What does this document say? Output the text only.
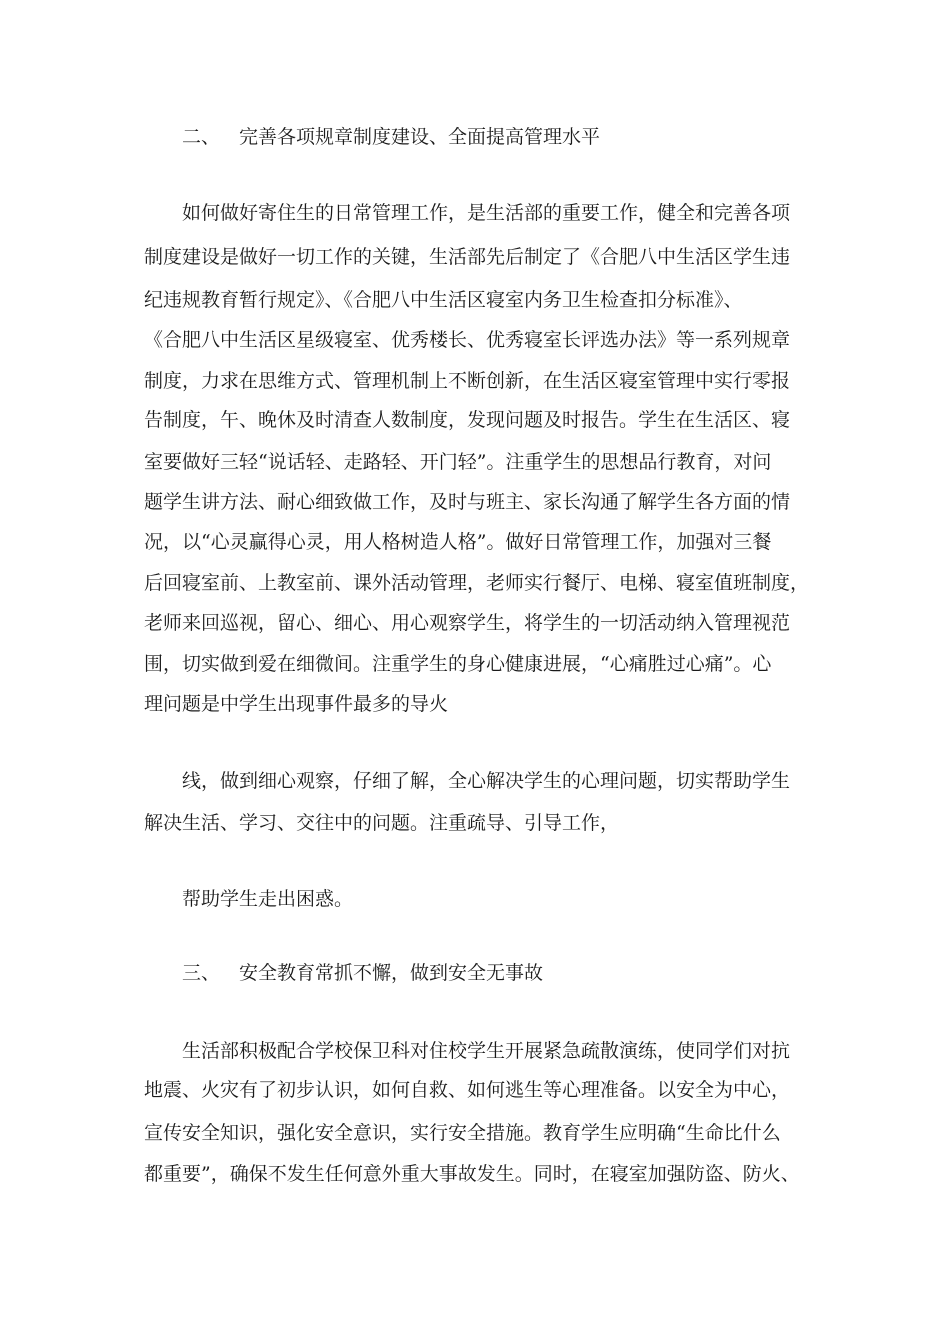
二、 完善各项规章制度建设、全面提高管理水平
如何做好寄住生的日常管理工作，是生活部的重要工作，健全和完善各项
制度建设是做好一切工作的关键，生活部先后制定了《合肥八中生活区学生违
纪违规教育暂行规定》、《合肥八中生活区寝室内务卫生检查扣分标准》、
《合肥八中生活区星级寝室、优秀楼长、优秀寝室长评选办法》等一系列规章
制度，力求在思维方式、管理机制上不断创新，在生活区寝室管理中实行零报
告制度，午、晚休及时清查人数制度，发现问题及时报告。学生在生活区、寝
室要做好三轻“说话轻、走路轻、开门轻”。注重学生的思想品行教育，对问
题学生讲方法、耐心细致做工作，及时与班主、家长沟通了解学生各方面的情
况，以“心灵赢得心灵，用人格树造人格”。做好日常管理工作，加强对三餐
后回寝室前、上教室前、课外活动管理，老师实行餐厅、电梯、寝室值班制度，
老师来回巡视，留心、细心、用心观察学生，将学生的一切活动纳入管理视范
围，切实做到爱在细微间。注重学生的身心健康进展，“心痛胜过心痛”。心
理问题是中学生出现事件最多的导火
线，做到细心观察，仔细了解，全心解决学生的心理问题，切实帮助学生
解决生活、学习、交往中的问题。注重疏导、引导工作，
帮助学生走出困惑。
三、 安全教育常抓不懈，做到安全无事故
生活部积极配合学校保卫科对住校学生开展紧急疏散演练，使同学们对抗
地震、火灾有了初步认识，如何自救、如何逃生等心理准备。以安全为中心，
宣传安全知识，强化安全意识，实行安全措施。教育学生应明确“生命比什么
都重要”，确保不发生任何意外重大事故发生。同时，在寝室加强防盗、防火、
